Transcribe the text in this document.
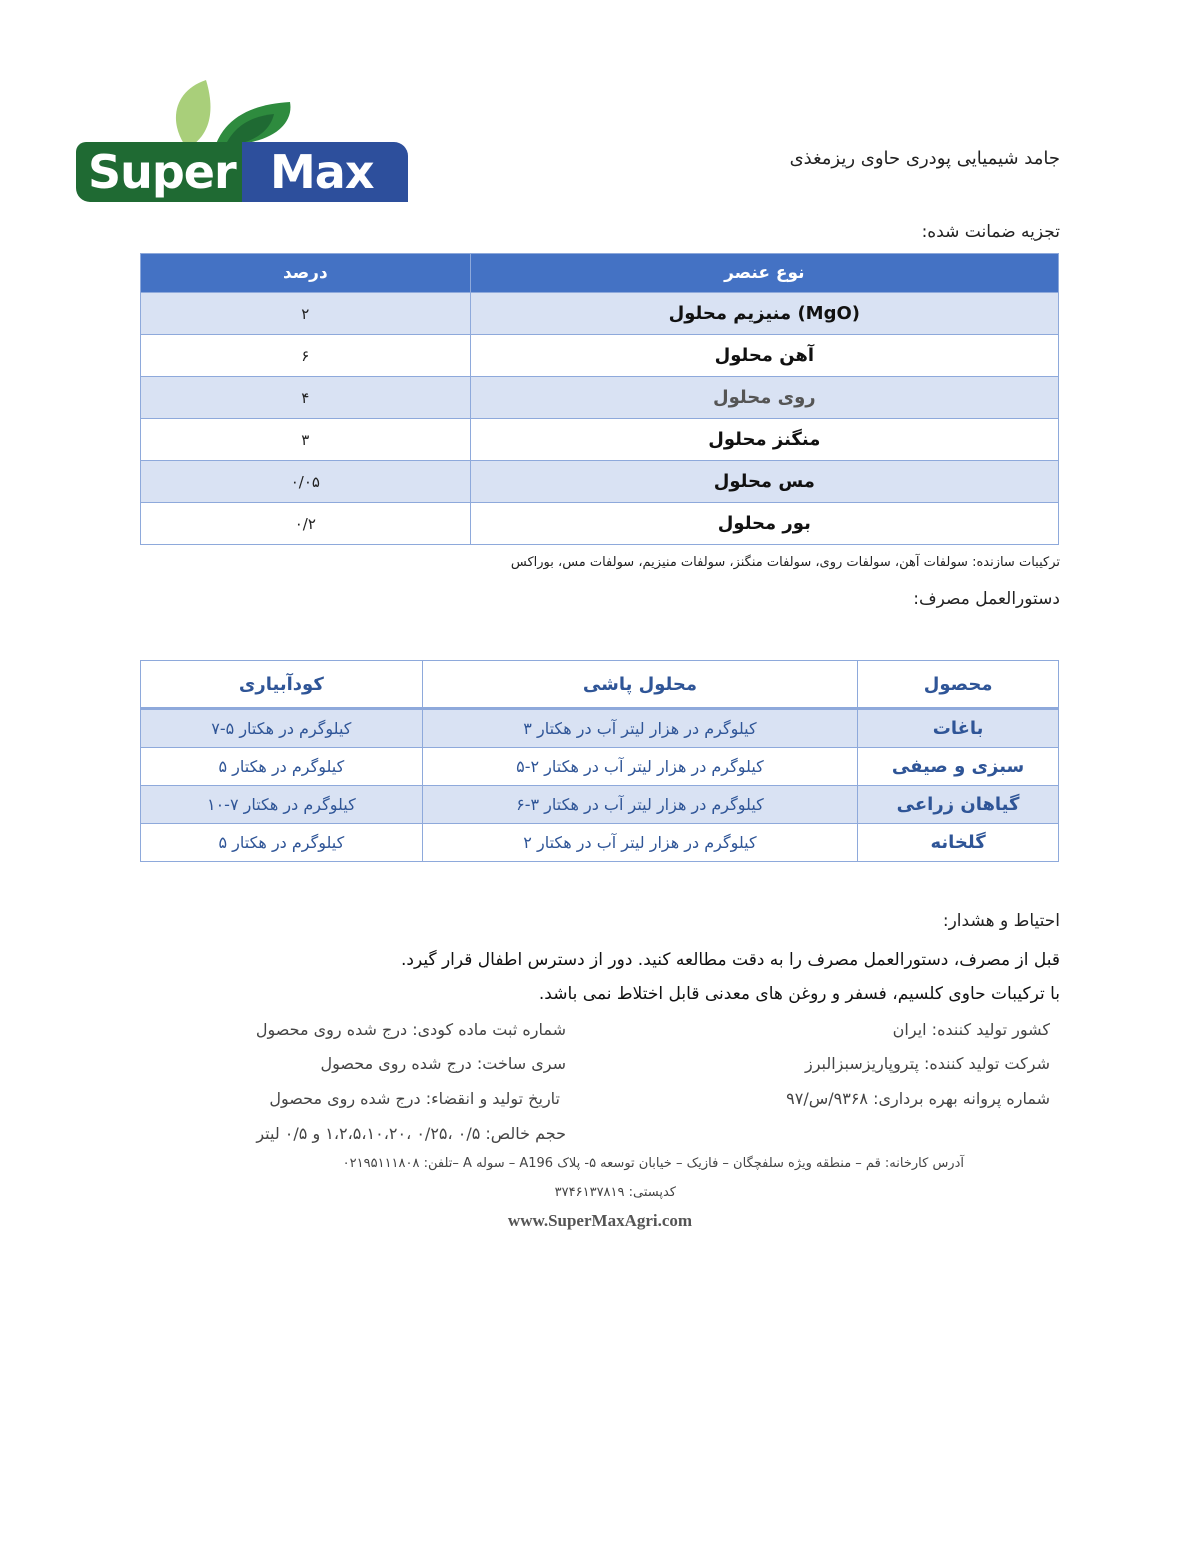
Super Max	جامد شیمیایی پودری حاوی ریزمغذی
تجزیه ضمانت شده:
درصد	نوع عنصر
۲	منیزیم محلول (MgO)
۶	آهن محلول
۴	روی محلول
۳	منگنز محلول
۰/۰۵	مس محلول
۰/۲	بور محلول
ترکیبات سازنده: سولفات آهن، سولفات روی، سولفات منگنز، سولفات منیزیم، سولفات مس، بوراکس
دستورالعمل مصرف:
کودآبیاری	محلول پاشی	محصول
۷-۵ کیلوگرم در هکتار	۳ کیلوگرم در هزار لیتر آب در هکتار	باغات
۵ کیلوگرم در هکتار	۵-۲ کیلوگرم در هزار لیتر آب در هکتار	سبزی و صیفی
۱۰-۷ کیلوگرم در هکتار	۶-۳ کیلوگرم در هزار لیتر آب در هکتار	گیاهان زراعی
۵ کیلوگرم در هکتار	۲ کیلوگرم در هزار لیتر آب در هکتار	گلخانه
احتیاط و هشدار:
قبل از مصرف، دستورالعمل مصرف را به دقت مطالعه کنید. دور از دسترس اطفال قرار گیرد.
با ترکیبات حاوی کلسیم، فسفر و روغن های معدنی قابل اختلاط نمی باشد.
کشور تولید کننده: ایران
شرکت تولید کننده: پتروپاریزسبزالبرز
شماره پروانه بهره برداری: ۹۳۶۸/س/۹۷
شماره ثبت ماده کودی: درج شده روی محصول
سری ساخت: درج شده روی محصول
تاریخ تولید و انقضاء: درج شده روی محصول
حجم خالص: ۰/۵ ،۰/۲۵ ،۱،۲،۵،۱۰،۲۰ و ۰/۵ لیتر
آدرس کارخانه: قم – منطقه ویژه سلفچگان – فازیک – خیابان توسعه ۵- پلاک A196 – سوله A –تلفن: ۰۲۱۹۵۱۱۱۸۰۸
کدپستی: ۳۷۴۶۱۳۷۸۱۹
www.SuperMaxAgri.com
